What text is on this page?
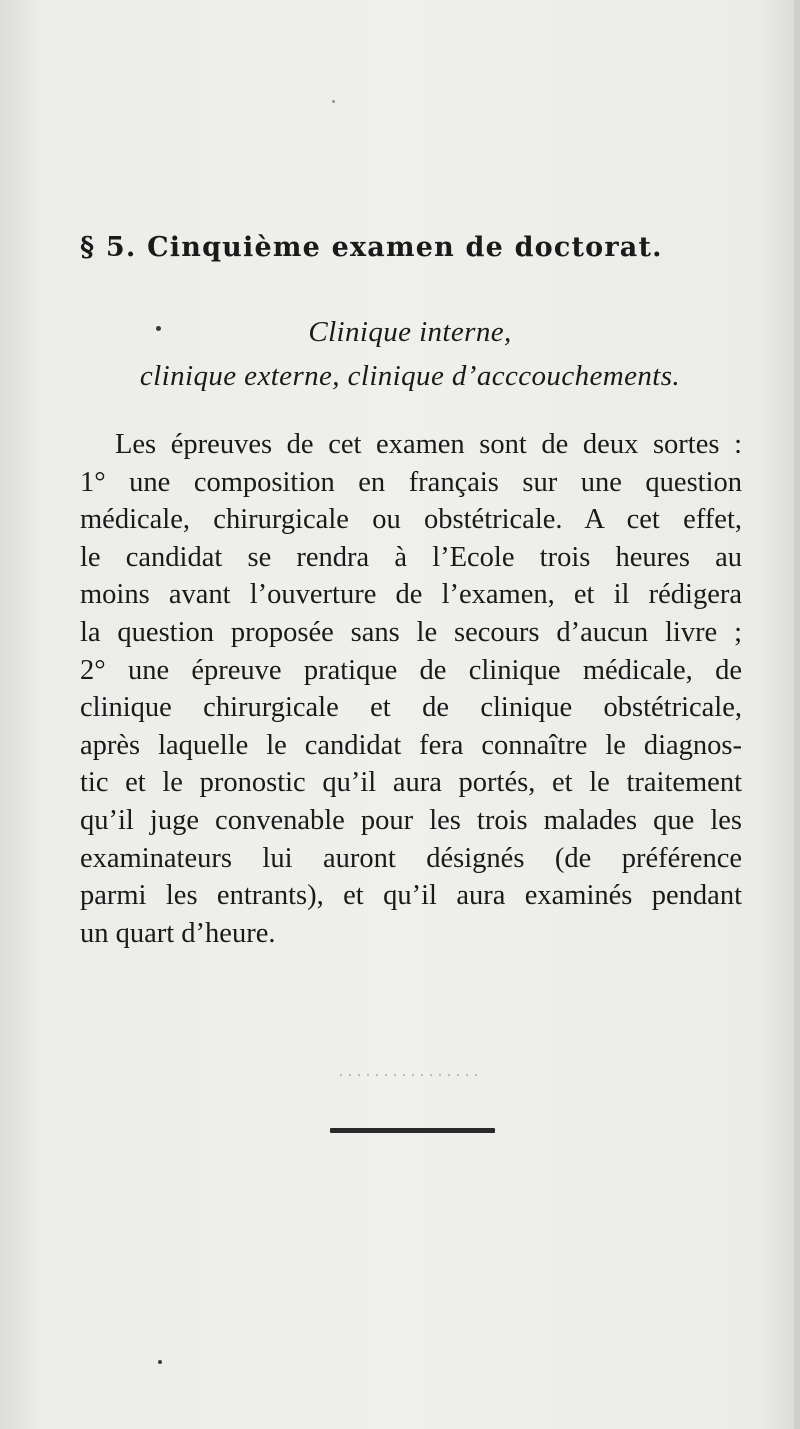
§ 5. Cinquième examen de doctorat.
Clinique interne,
clinique externe, clinique d’acccouchements.
Les épreuves de cet examen sont de deux sortes :
1° une composition en français sur une question
médicale, chirurgicale ou obstétricale. A cet effet,
le candidat se rendra à l’Ecole trois heures au
moins avant l’ouverture de l’examen, et il rédigera
la question proposée sans le secours d’aucun livre ;
2° une épreuve pratique de clinique médicale, de
clinique chirurgicale et de clinique obstétricale,
après laquelle le candidat fera connaître le diagnos-
tic et le pronostic qu’il aura portés, et le traitement
qu’il juge convenable pour les trois malades que les
examinateurs lui auront désignés (de préférence
parmi les entrants), et qu’il aura examinés pendant
un quart d’heure.
